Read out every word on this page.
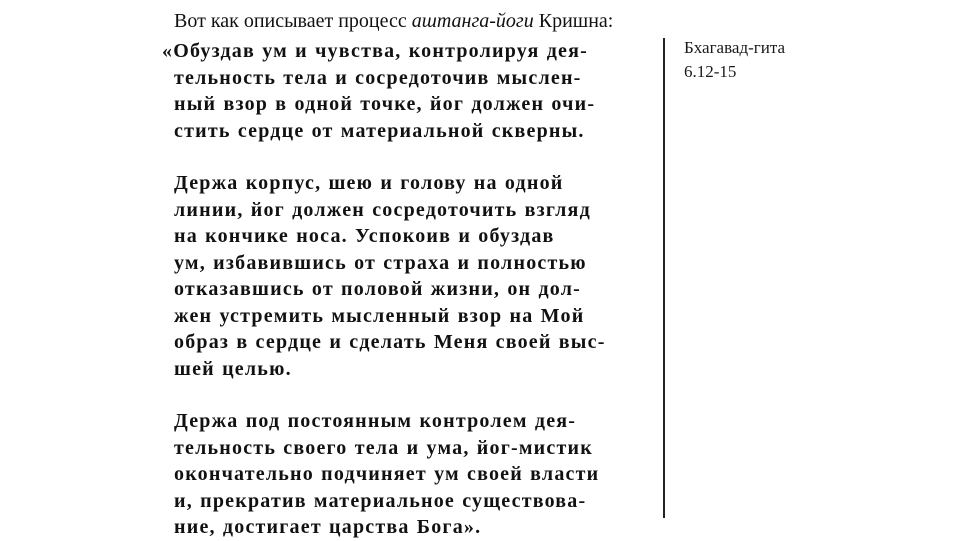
Вот как описывает процесс аштанга-йоги Кришна:
«Обуздав ум и чувства, контролируя дея-
тельность тела и сосредоточив мыслен-
ный взор в одной точке, йог должен очи-
стить сердце от материальной скверны.
Держа корпус, шею и голову на одной
линии, йог должен сосредоточить взгляд
на кончике носа. Успокоив и обуздав
ум, избавившись от страха и полностью
отказавшись от половой жизни, он дол-
жен устремить мысленный взор на Мой
образ в сердце и сделать Меня своей выс-
шей целью.
Держа под постоянным контролем дея-
тельность своего тела и ума, йог-мистик
окончательно подчиняет ум своей власти
и, прекратив материальное существова-
ние, достигает царства Бога».
Бхагавад-гита
6.12-15
